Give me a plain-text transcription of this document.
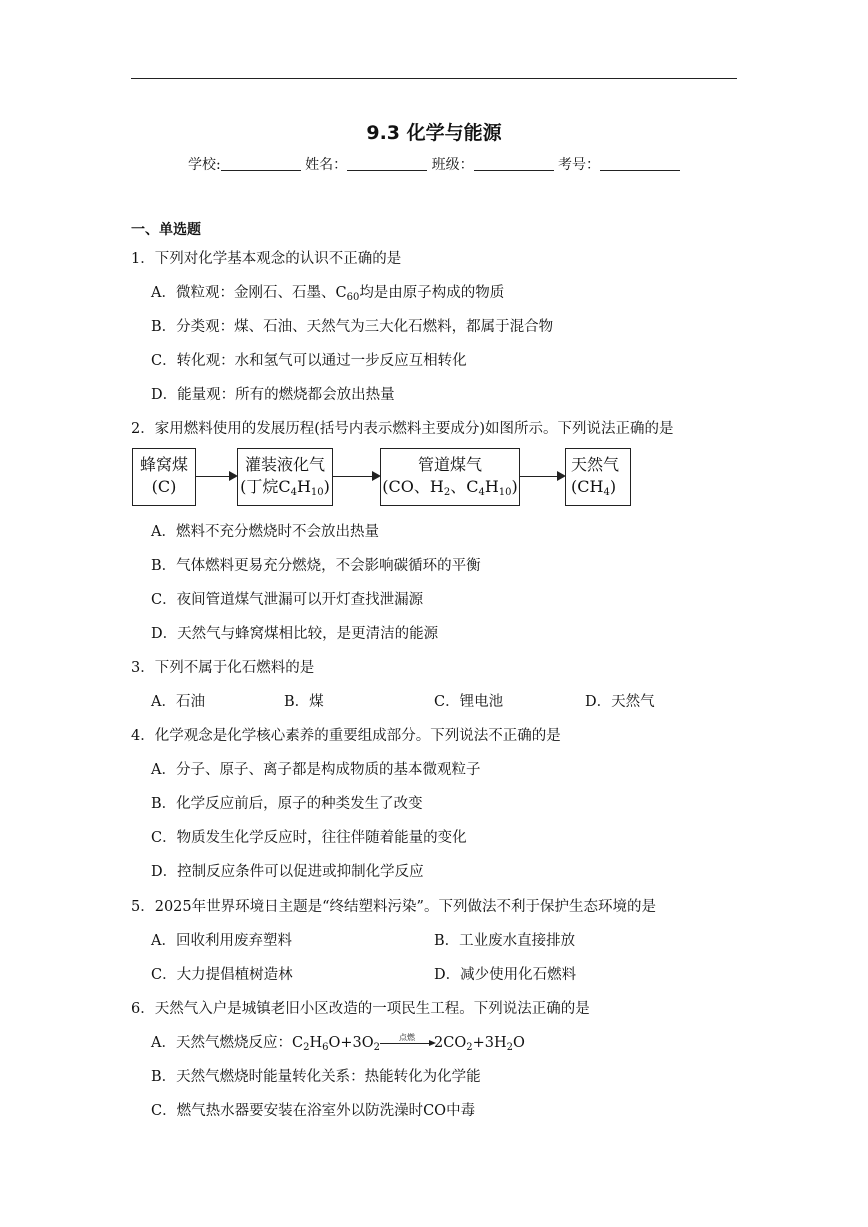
9.3 化学与能源
学校:	姓名：	班级：	考号：
一、单选题
1．下列对化学基本观念的认识不正确的是
A．微粒观：金刚石、石墨、$C_{60}$均是由原子构成的物质
B．分类观：煤、石油、天然气为三大化石燃料，都属于混合物
C．转化观：水和氢气可以通过一步反应互相转化
D．能量观：所有的燃烧都会放出热量
2．家用燃料使用的发展历程(括号内表示燃料主要成分)如图所示。下列说法正确的是
蜂窝煤
(C)
灌装液化气
(丁烷$C_4H_{10}$)
管道煤气
(CO、$H_2$、$C_4H_{10}$)
天然气
$(CH_4)$
A．燃料不充分燃烧时不会放出热量
B．气体燃料更易充分燃烧，不会影响碳循环的平衡
C．夜间管道煤气泄漏可以开灯查找泄漏源
D．天然气与蜂窝煤相比较，是更清洁的能源
3．下列不属于化石燃料的是
A．石油	B．煤	C．锂电池	D．天然气
4．化学观念是化学核心素养的重要组成部分。下列说法不正确的是
A．分子、原子、离子都是构成物质的基本微观粒子
B．化学反应前后，原子的种类发生了改变
C．物质发生化学反应时，往往伴随着能量的变化
D．控制反应条件可以促进或抑制化学反应
5．2025年世界环境日主题是“终结塑料污染”。下列做法不利于保护生态环境的是
A．回收利用废弃塑料	B．工业废水直接排放
C．大力提倡植树造林	D．减少使用化石燃料
6．天然气入户是城镇老旧小区改造的一项民生工程。下列说法正确的是
A．天然气燃烧反应：$C_2H_6O+3O_2$
点燃	$2CO_2+3H_2O$
B．天然气燃烧时能量转化关系：热能转化为化学能
C．燃气热水器要安装在浴室外以防洗澡时CO中毒
